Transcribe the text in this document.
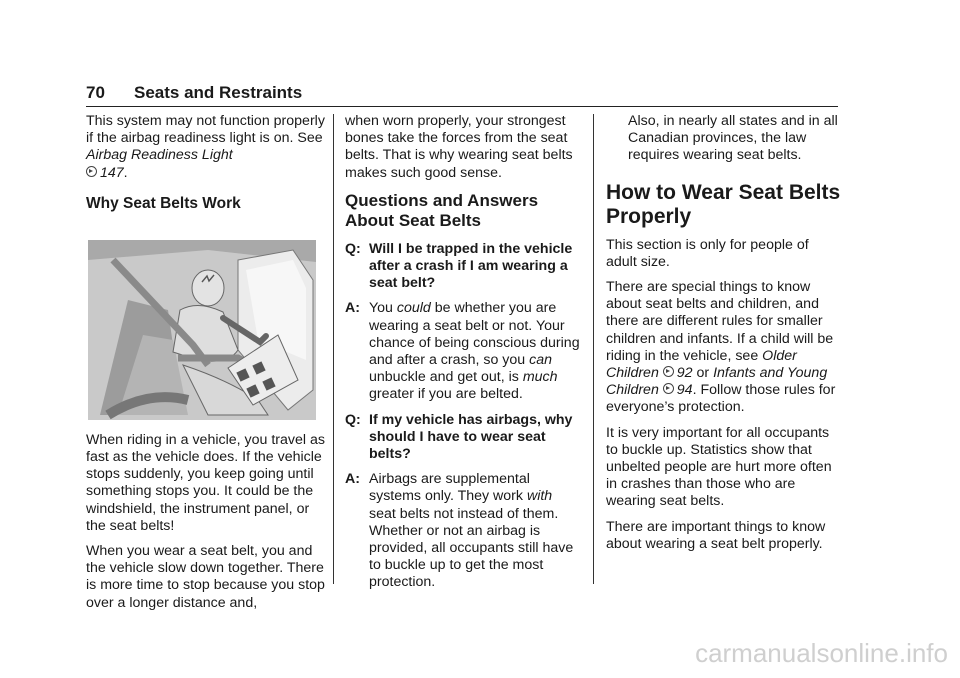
70 Seats and Restraints

This system may not function properly if the airbag readiness light is on. See Airbag Readiness Light
147.

Why Seat Belts Work

When riding in a vehicle, you travel as fast as the vehicle does. If the vehicle stops suddenly, you keep going until something stops you. It could be the windshield, the instrument panel, or the seat belts!

When you wear a seat belt, you and the vehicle slow down together. There is more time to stop because you stop over a longer distance and,

when worn properly, your strongest bones take the forces from the seat belts. That is why wearing seat belts makes such good sense.

Questions and Answers About Seat Belts
Q: Will I be trapped in the vehicle after a crash if I am wearing a seat belt?
A: You could be whether you are wearing a seat belt or not. Your chance of being conscious during and after a crash, so you can unbuckle and get out, is much greater if you are belted.
Q: If my vehicle has airbags, why should I have to wear seat belts?
A: Airbags are supplemental systems only. They work with seat belts not instead of them. Whether or not an airbag is provided, all occupants still have to buckle up to get the most protection.

Also, in nearly all states and in all Canadian provinces, the law requires wearing seat belts.

How to Wear Seat Belts Properly

This section is only for people of adult size.

There are special things to know about seat belts and children, and there are different rules for smaller children and infants. If a child will be riding in the vehicle, see Older Children 92 or Infants and Young Children 94. Follow those rules for everyone’s protection.

It is very important for all occupants to buckle up. Statistics show that unbelted people are hurt more often in crashes than those who are wearing seat belts.

There are important things to know about wearing a seat belt properly.

carmanualsonline.info
